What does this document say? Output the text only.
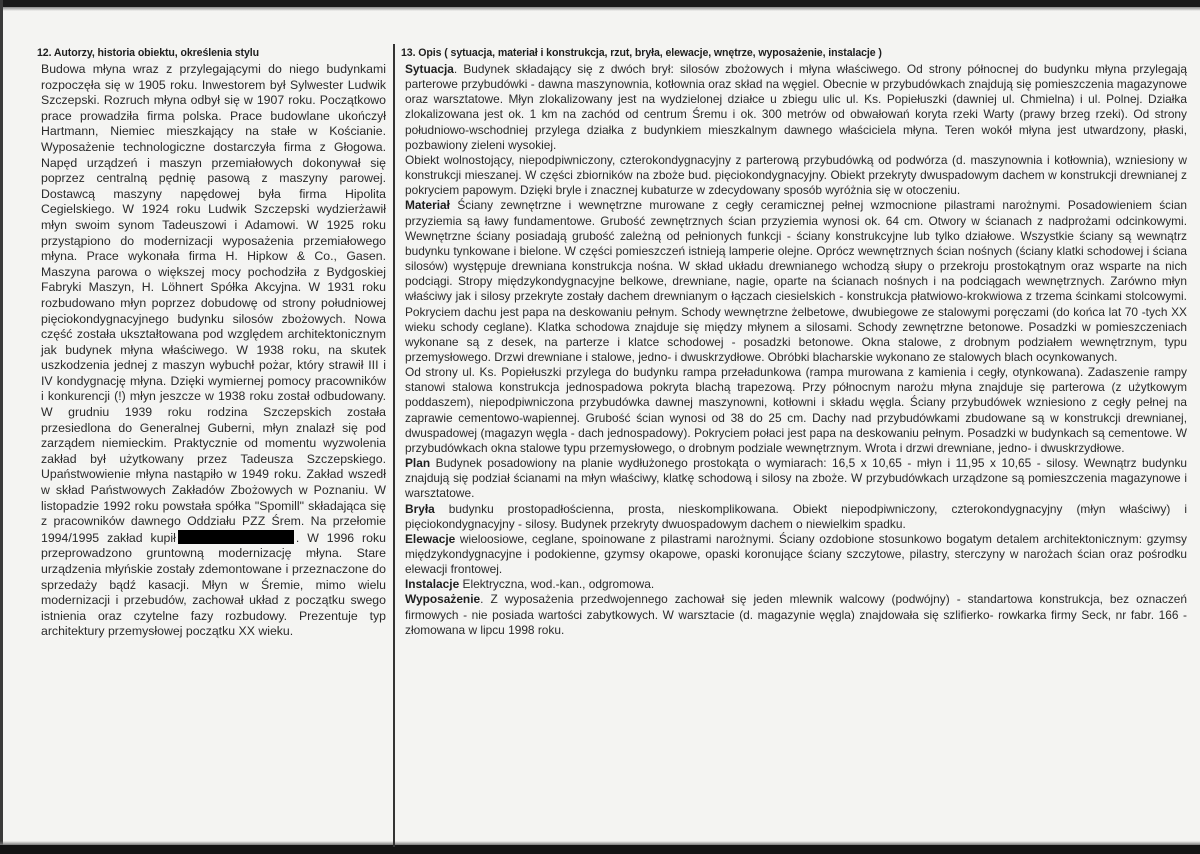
12. Autorzy, historia obiektu, określenia stylu

Budowa młyna wraz z przylegającymi do niego budynkami rozpoczęła się w 1905 roku. Inwestorem był Sylwester Ludwik Szczepski. Rozruch młyna odbył się w 1907 roku. Początkowo prace prowadziła firma polska. Prace budowlane ukończył Hartmann, Niemiec mieszkający na stałe w Kościanie. Wyposażenie technologiczne dostarczyła firma z Głogowa. Napęd urządzeń i maszyn przemiałowych dokonywał się poprzez centralną pędnię pasową z maszyny parowej. Dostawcą maszyny napędowej była firma Hipolita Cegielskiego. W 1924 roku Ludwik Szczepski wydzierżawił młyn swoim synom Tadeuszowi i Adamowi. W 1925 roku przystąpiono do modernizacji wyposażenia przemiałowego młyna. Prace wykonała firma H. Hipkow & Co., Gasen. Maszyna parowa o większej mocy pochodziła z Bydgoskiej Fabryki Maszyn, H. Löhnert Spółka Akcyjna. W 1931 roku rozbudowano młyn poprzez dobudowę od strony południowej pięciokondygnacyjnego budynku silosów zbożowych. Nowa część została ukształtowana pod względem architektonicznym jak budynek młyna właściwego. W 1938 roku, na skutek uszkodzenia jednej z maszyn wybuchł pożar, który strawił III i IV kondygnację młyna. Dzięki wymiernej pomocy pracowników i konkurencji (!) młyn jeszcze w 1938 roku został odbudowany. W grudniu 1939 roku rodzina Szczepskich została przesiedlona do Generalnej Guberni, młyn znalazł się pod zarządem niemieckim. Praktycznie od momentu wyzwolenia zakład był użytkowany przez Tadeusza Szczepskiego. Upaństwowienie młyna nastąpiło w 1949 roku. Zakład wszedł w skład Państwowych Zakładów Zbożowych w Poznaniu. W listopadzie 1992 roku powstała spółka "Spomill" składająca się z pracowników dawnego Oddziału PZZ Śrem. Na przełomie 1994/1995 zakład kupił	. W 1996 roku przeprowadzono gruntowną modernizację młyna. Stare urządzenia młyńskie zostały zdemontowane i przeznaczone do sprzedaży bądź kasacji. Młyn w Śremie, mimo wielu modernizacji i przebudów, zachował układ z początku swego istnienia oraz czytelne fazy rozbudowy. Prezentuje typ architektury przemysłowej początku XX wieku.

13. Opis ( sytuacja, materiał i konstrukcja, rzut, bryła, elewacje, wnętrze, wyposażenie, instalacje )

Sytuacja. Budynek składający się z dwóch brył: silosów zbożowych i młyna właściwego. Od strony północnej do budynku młyna przylegają parterowe przybudówki - dawna maszynownia, kotłownia oraz skład na węgiel. Obecnie w przybudówkach znajdują się pomieszczenia magazynowe oraz warsztatowe. Młyn zlokalizowany jest na wydzielonej działce u zbiegu ulic ul. Ks. Popiełuszki (dawniej ul. Chmielna) i ul. Polnej. Działka zlokalizowana jest ok. 1 km na zachód od centrum Śremu i ok. 300 metrów od obwałowań koryta rzeki Warty (prawy brzeg rzeki). Od strony południowo-wschodniej przylega działka z budynkiem mieszkalnym dawnego właściciela młyna. Teren wokół młyna jest utwardzony, płaski, pozbawiony zieleni wysokiej.

Obiekt wolnostojący, niepodpiwniczony, czterokondygnacyjny z parterową przybudówką od podwórza (d. maszynownia i kotłownia), wzniesiony w konstrukcji mieszanej. W części zbiorników na zboże bud. pięciokondygnacyjny. Obiekt przekryty dwuspadowym dachem w konstrukcji drewnianej z pokryciem papowym. Dzięki bryle i znacznej kubaturze w zdecydowany sposób wyróżnia się w otoczeniu.

Materiał Ściany zewnętrzne i wewnętrzne murowane z cegły ceramicznej pełnej wzmocnione pilastrami narożnymi. Posadowieniem ścian przyziemia są ławy fundamentowe. Grubość zewnętrznych ścian przyziemia wynosi ok. 64 cm. Otwory w ścianach z nadprożami odcinkowymi. Wewnętrzne ściany posiadają grubość zależną od pełnionych funkcji - ściany konstrukcyjne lub tylko działowe. Wszystkie ściany są wewnątrz budynku tynkowane i bielone. W części pomieszczeń istnieją lamperie olejne. Oprócz wewnętrznych ścian nośnych (ściany klatki schodowej i ściana silosów) występuje drewniana konstrukcja nośna. W skład układu drewnianego wchodzą słupy o przekroju prostokątnym oraz wsparte na nich podciągi. Stropy międzykondygnacyjne belkowe, drewniane, nagie, oparte na ścianach nośnych i na podciągach wewnętrznych. Zarówno młyn właściwy jak i silosy przekryte zostały dachem drewnianym o łączach ciesielskich - konstrukcja płatwiowo-krokwiowa z trzema ścinkami stolcowymi. Pokryciem dachu jest papa na deskowaniu pełnym. Schody wewnętrzne żelbetowe, dwubiegowe ze stalowymi poręczami (do końca lat 70 -tych XX wieku schody ceglane). Klatka schodowa znajduje się między młynem a silosami. Schody zewnętrzne betonowe. Posadzki w pomieszczeniach wykonane są z desek, na parterze i klatce schodowej - posadzki betonowe. Okna stalowe, z drobnym podziałem wewnętrznym, typu przemysłowego. Drzwi drewniane i stalowe, jedno- i dwuskrzydłowe. Obróbki blacharskie wykonano ze stalowych blach ocynkowanych.

Od strony ul. Ks. Popiełuszki przylega do budynku rampa przeładunkowa (rampa murowana z kamienia i cegły, otynkowana). Zadaszenie rampy stanowi stalowa konstrukcja jednospadowa pokryta blachą trapezową. Przy północnym narożu młyna znajduje się parterowa (z użytkowym poddaszem), niepodpiwniczona przybudówka dawnej maszynowni, kotłowni i składu węgla. Ściany przybudówek wzniesiono z cegły pełnej na zaprawie cementowo-wapiennej. Grubość ścian wynosi od 38 do 25 cm. Dachy nad przybudówkami zbudowane są w konstrukcji drewnianej, dwuspadowej (magazyn węgla - dach jednospadowy). Pokryciem połaci jest papa na deskowaniu pełnym. Posadzki w budynkach są cementowe. W przybudówkach okna stalowe typu przemysłowego, o drobnym podziale wewnętrznym. Wrota i drzwi drewniane, jedno- i dwuskrzydłowe.

Plan Budynek posadowiony na planie wydłużonego prostokąta o wymiarach: 16,5 x 10,65 - młyn i 11,95 x 10,65 - silosy. Wewnątrz budynku znajdują się podział ścianami na młyn właściwy, klatkę schodową i silosy na zboże. W przybudówkach urządzone są pomieszczenia magazynowe i warsztatowe.

Bryła budynku prostopadłościenna, prosta, nieskomplikowana. Obiekt niepodpiwniczony, czterokondygnacyjny (młyn właściwy) i pięciokondygnacyjny - silosy. Budynek przekryty dwuospadowym dachem o niewielkim spadku.

Elewacje wieloosiowe, ceglane, spoinowane z pilastrami narożnymi. Ściany ozdobione stosunkowo bogatym detalem architektonicznym: gzymsy międzykondygnacyjne i podokienne, gzymsy okapowe, opaski koronujące ściany szczytowe, pilastry, sterczyny w narożach ścian oraz pośrodku elewacji frontowej.

Instalacje Elektryczna, wod.-kan., odgromowa.

Wyposażenie. Z wyposażenia przedwojennego zachował się jeden mlewnik walcowy (podwójny) - standartowa konstrukcja, bez oznaczeń firmowych - nie posiada wartości zabytkowych. W warsztacie (d. magazynie węgla) znajdowała się szlifierko- rowkarka firmy Seck, nr fabr. 166 - złomowana w lipcu 1998 roku.
